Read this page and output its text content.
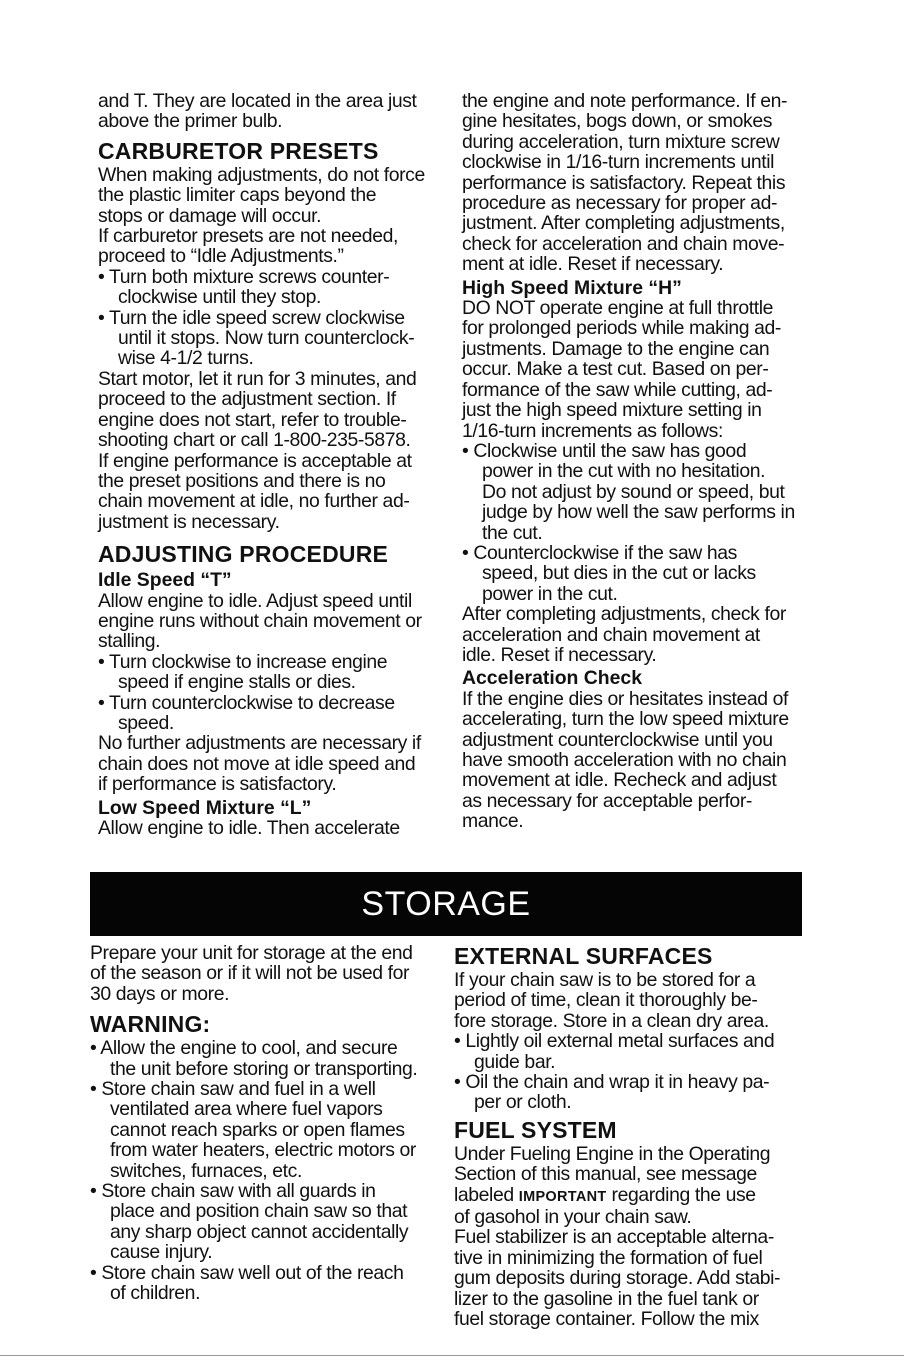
and T. They are located in the area just
above the primer bulb.
CARBURETOR PRESETS
When making adjustments, do not force
the plastic limiter caps beyond the
stops or damage will occur.
If carburetor presets are not needed,
proceed to “Idle Adjustments.”
• Turn both mixture screws counter-
clockwise until they stop.
• Turn the idle speed screw clockwise
until it stops. Now turn counterclock-
wise 4-1/2 turns.
Start motor, let it run for 3 minutes, and
proceed to the adjustment section. If
engine does not start, refer to trouble-
shooting chart or call 1-800-235-5878.
If engine performance is acceptable at
the preset positions and there is no
chain movement at idle, no further ad-
justment is necessary.
ADJUSTING PROCEDURE
Idle Speed “T”
Allow engine to idle. Adjust speed until
engine runs without chain movement or
stalling.
• Turn clockwise to increase engine
speed if engine stalls or dies.
• Turn counterclockwise to decrease
speed.
No further adjustments are necessary if
chain does not move at idle speed and
if performance is satisfactory.
Low Speed Mixture “L”
Allow engine to idle. Then accelerate
the engine and note performance. If en-
gine hesitates, bogs down, or smokes
during acceleration, turn mixture screw
clockwise in 1/16-turn increments until
performance is satisfactory. Repeat this
procedure as necessary for proper ad-
justment. After completing adjustments,
check for acceleration and chain move-
ment at idle. Reset if necessary.
High Speed Mixture “H”
DO NOT operate engine at full throttle
for prolonged periods while making ad-
justments. Damage to the engine can
occur. Make a test cut. Based on per-
formance of the saw while cutting, ad-
just the high speed mixture setting in
1/16-turn increments as follows:
• Clockwise until the saw has good
power in the cut with no hesitation.
Do not adjust by sound or speed, but
judge by how well the saw performs in
the cut.
• Counterclockwise if the saw has
speed, but dies in the cut or lacks
power in the cut.
After completing adjustments, check for
acceleration and chain movement at
idle. Reset if necessary.
Acceleration Check
If the engine dies or hesitates instead of
accelerating, turn the low speed mixture
adjustment counterclockwise until you
have smooth acceleration with no chain
movement at idle. Recheck and adjust
as necessary for acceptable perfor-
mance.
STORAGE
Prepare your unit for storage at the end
of the season or if it will not be used for
30 days or more.
WARNING:
• Allow the engine to cool, and secure
the unit before storing or transporting.
• Store chain saw and fuel in a well
ventilated area where fuel vapors
cannot reach sparks or open flames
from water heaters, electric motors or
switches, furnaces, etc.
• Store chain saw with all guards in
place and position chain saw so that
any sharp object cannot accidentally
cause injury.
• Store chain saw well out of the reach
of children.
EXTERNAL SURFACES
If your chain saw is to be stored for a
period of time, clean it thoroughly be-
fore storage. Store in a clean dry area.
• Lightly oil external metal surfaces and
guide bar.
• Oil the chain and wrap it in heavy pa-
per or cloth.
FUEL SYSTEM
Under Fueling Engine in the Operating
Section of this manual, see message
labeled IMPORTANT regarding the use
of gasohol in your chain saw.
Fuel stabilizer is an acceptable alterna-
tive in minimizing the formation of fuel
gum deposits during storage. Add stabi-
lizer to the gasoline in the fuel tank or
fuel storage container. Follow the mix
